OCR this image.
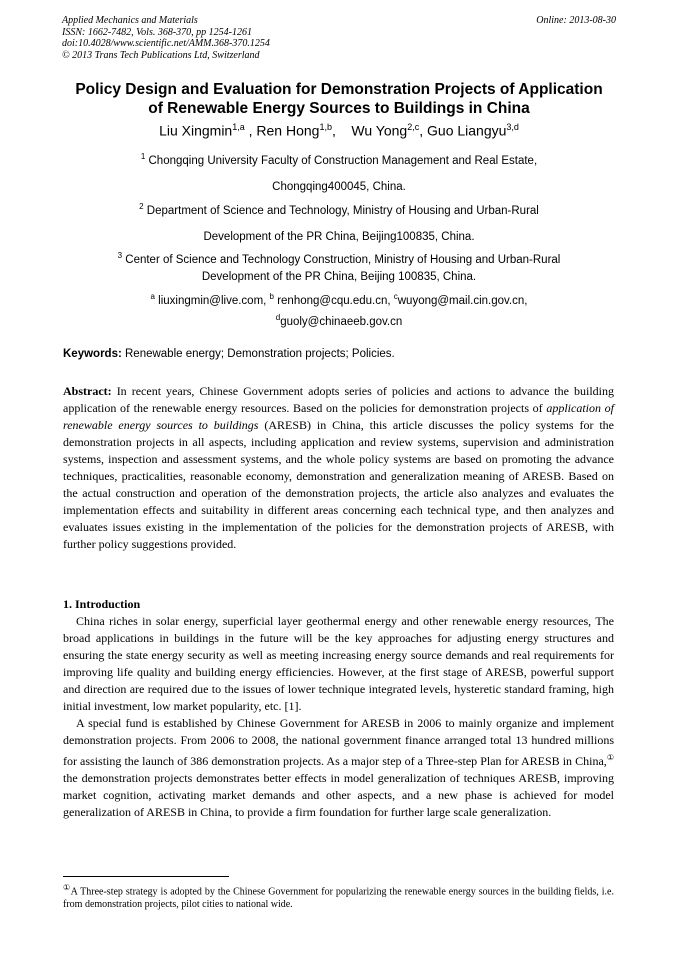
Applied Mechanics and Materials
ISSN: 1662-7482, Vols. 368-370, pp 1254-1261
doi:10.4028/www.scientific.net/AMM.368-370.1254
© 2013 Trans Tech Publications Ltd, Switzerland
Online: 2013-08-30
Policy Design and Evaluation for Demonstration Projects of Application
of Renewable Energy Sources to Buildings in China
Liu Xingmin$^{1,a}$ , Ren Hong$^{1,b}$,    Wu Yong$^{2,c}$, Guo Liangyu$^{3,d}$
$^1$ Chongqing University Faculty of Construction Management and Real Estate,
Chongqing400045, China.
$^2$ Department of Science and Technology, Ministry of Housing and Urban-Rural
Development of the PR China, Beijing100835, China.
$^3$ Center of Science and Technology Construction, Ministry of Housing and Urban-Rural
Development of the PR China, Beijing 100835, China.
$^a$ liuxingmin@live.com, $^b$ renhong@cqu.edu.cn, $^c$wuyong@mail.cin.gov.cn,
$^d$guoly@chinaeeb.gov.cn
Keywords: Renewable energy; Demonstration projects; Policies.

Abstract: In recent years, Chinese Government adopts series of policies and actions to advance the building application of the renewable energy resources. Based on the policies for demonstration projects of application of renewable energy sources to buildings (ARESB) in China, this article discusses the policy systems for the demonstration projects in all aspects, including application and review systems, supervision and administration systems, inspection and assessment systems, and the whole policy systems are based on promoting the advance techniques, practicalities, reasonable economy, demonstration and generalization meaning of ARESB. Based on the actual construction and operation of the demonstration projects, the article also analyzes and evaluates the implementation effects and suitability in different areas concerning each technical type, and then analyzes and evaluates issues existing in the implementation of the policies for the demonstration projects of ARESB, with further policy suggestions provided.

1. Introduction

China riches in solar energy, superficial layer geothermal energy and other renewable energy resources, The broad applications in buildings in the future will be the key approaches for adjusting energy structures and ensuring the state energy security as well as meeting increasing energy source demands and real requirements for improving life quality and building energy efficiencies. However, at the first stage of ARESB, powerful support and direction are required due to the issues of lower technique integrated levels, hysteretic standard framing, high initial investment, low market popularity, etc. [1].

A special fund is established by Chinese Government for ARESB in 2006 to mainly organize and implement demonstration projects. From 2006 to 2008, the national government finance arranged total 13 hundred millions for assisting the launch of 386 demonstration projects. As a major step of a Three-step Plan for ARESB in China,① the demonstration projects demonstrates better effects in model generalization of techniques ARESB, improving market cognition, activating market demands and other aspects, and a new phase is achieved for model generalization of ARESB in China, to provide a firm foundation for further large scale generalization.

①A Three-step strategy is adopted by the Chinese Government for popularizing the renewable energy sources in the building fields, i.e. from demonstration projects, pilot cities to national wide.
